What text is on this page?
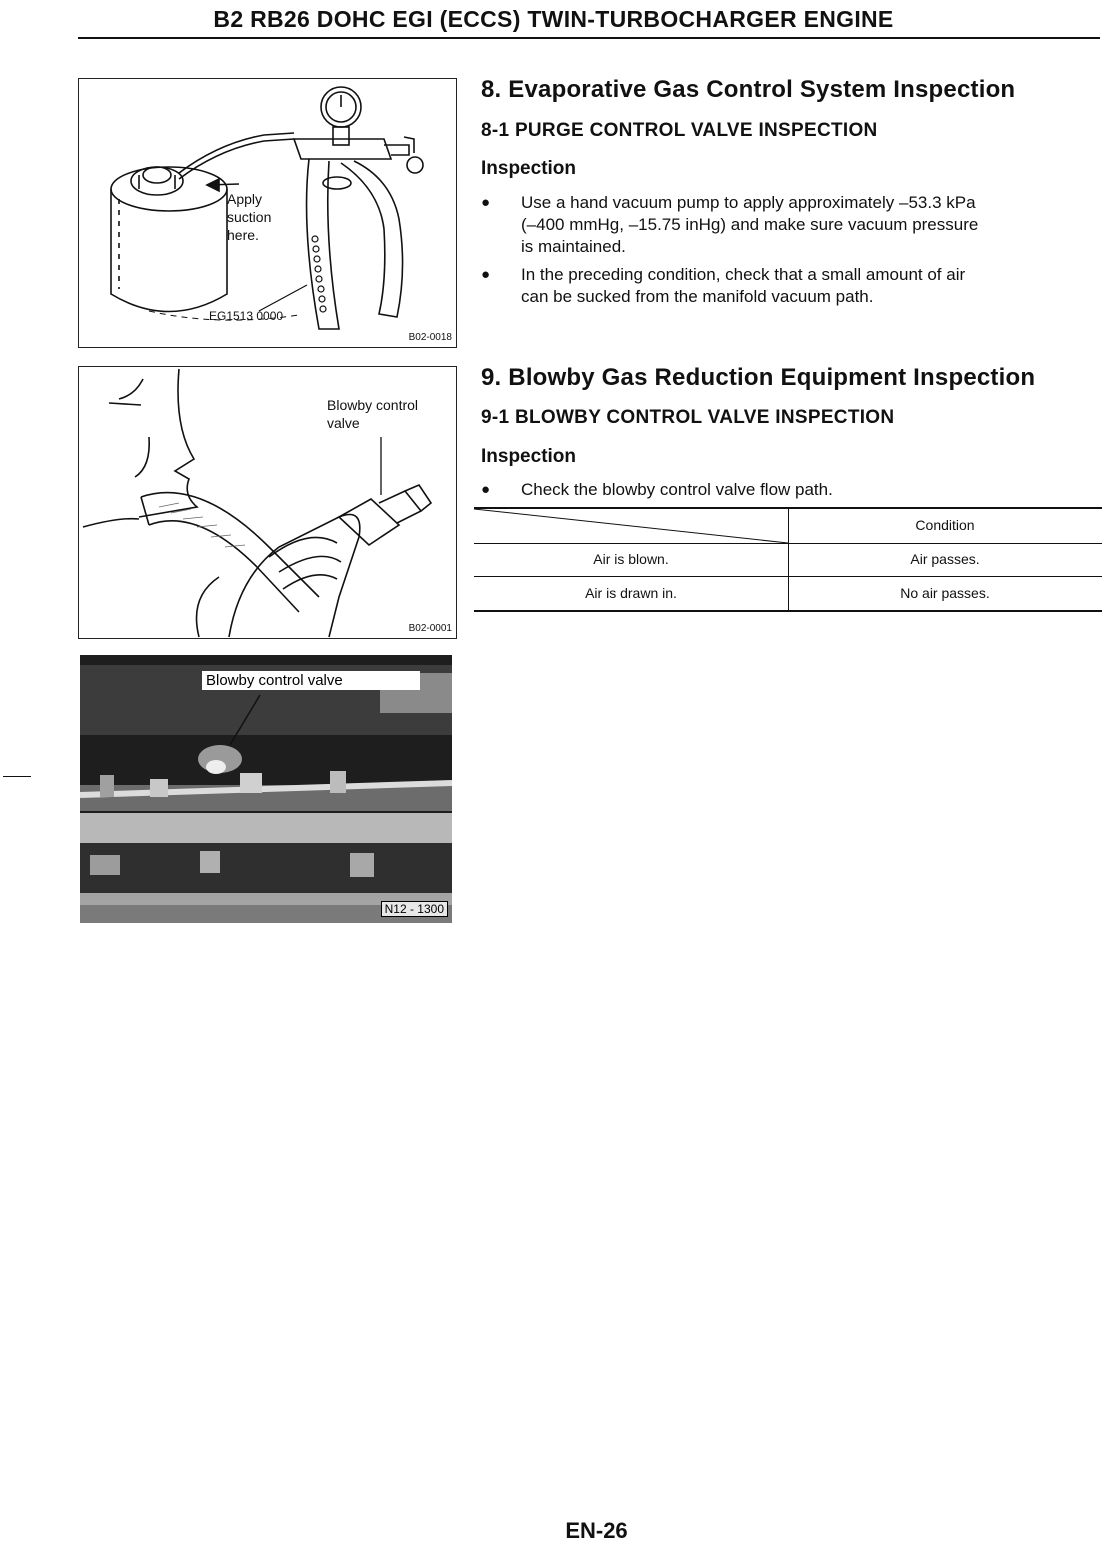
B2 RB26 DOHC EGI (ECCS) TWIN-TURBOCHARGER ENGINE
Apply
suction
here.
EG1513 0000
B02-0018
Blowby control
valve
B02-0001
Blowby control valve
N12 - 1300
8. Evaporative Gas Control System Inspection
8-1 PURGE CONTROL VALVE INSPECTION
Inspection
● Use a hand vacuum pump to apply approximately –53.3 kPa
(–400 mmHg, –15.75 inHg) and make sure vacuum pressure
is maintained.
● In the preceding condition, check that a small amount of air
can be sucked from the manifold vacuum path.
9. Blowby Gas Reduction Equipment Inspection
9-1 BLOWBY CONTROL VALVE INSPECTION
Inspection
● Check the blowby control valve flow path.
Condition
Air is blown.	Air passes.
Air is drawn in.	No air passes.
EN-26
